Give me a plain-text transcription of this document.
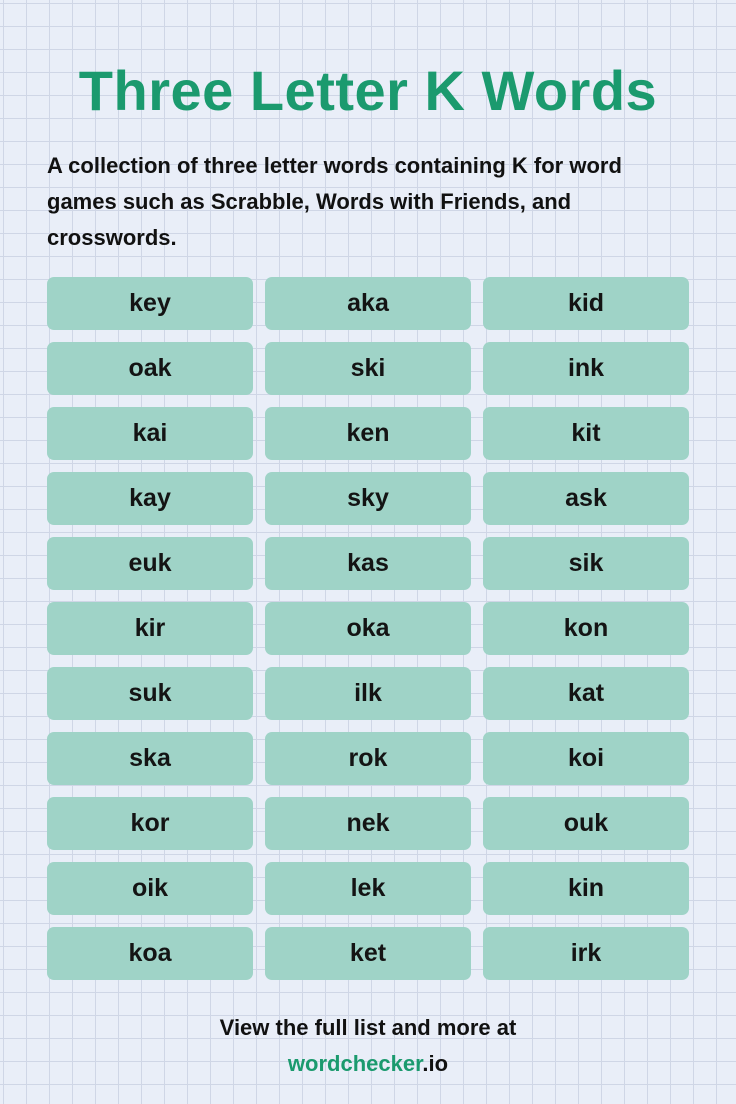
Three Letter K Words
A collection of three letter words containing K for word games such as Scrabble, Words with Friends, and crosswords.
key	aka	kid
oak	ski	ink
kai	ken	kit
kay	sky	ask
euk	kas	sik
kir	oka	kon
suk	ilk	kat
ska	rok	koi
kor	nek	ouk
oik	lek	kin
koa	ket	irk
View the full list and more at
wordchecker.io
